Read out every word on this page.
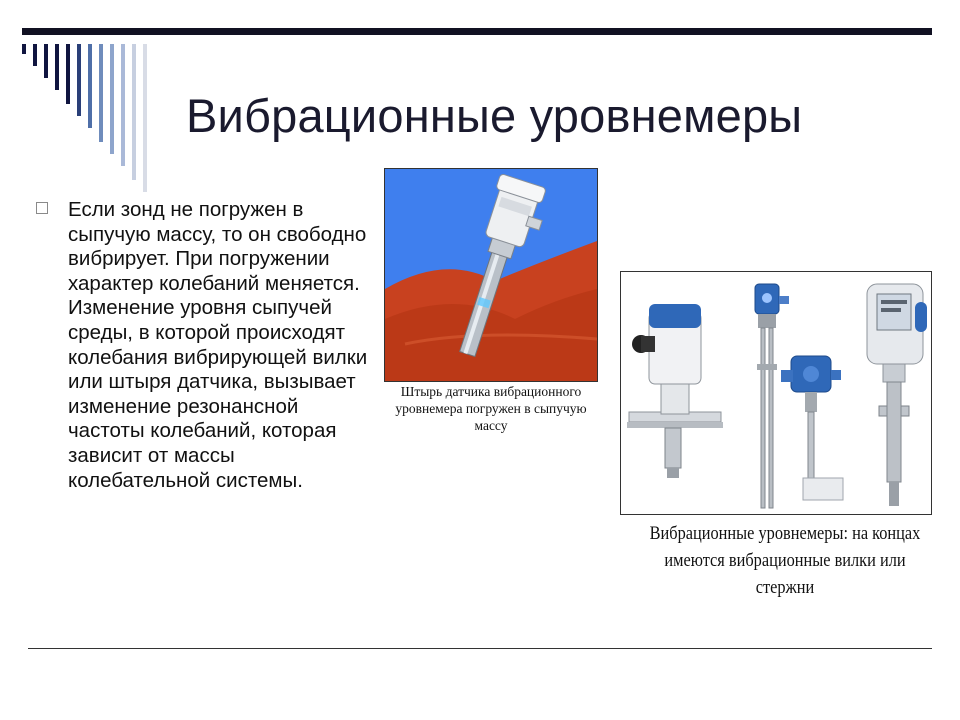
Вибрационные уровнемеры
Если зонд не погружен в сыпучую массу, то он свободно вибрирует. При погружении характер колебаний меняется. Изменение уровня сыпучей среды, в которой происходят колебания вибрирующей вилки или штыря датчика, вызывает изменение резонансной частоты колебаний, которая зависит от массы колебательной системы.
Штырь датчика вибрационного уровнемера погружен в сыпучую массу
Вибрационные уровнемеры: на концах имеются вибрационные вилки или стержни
